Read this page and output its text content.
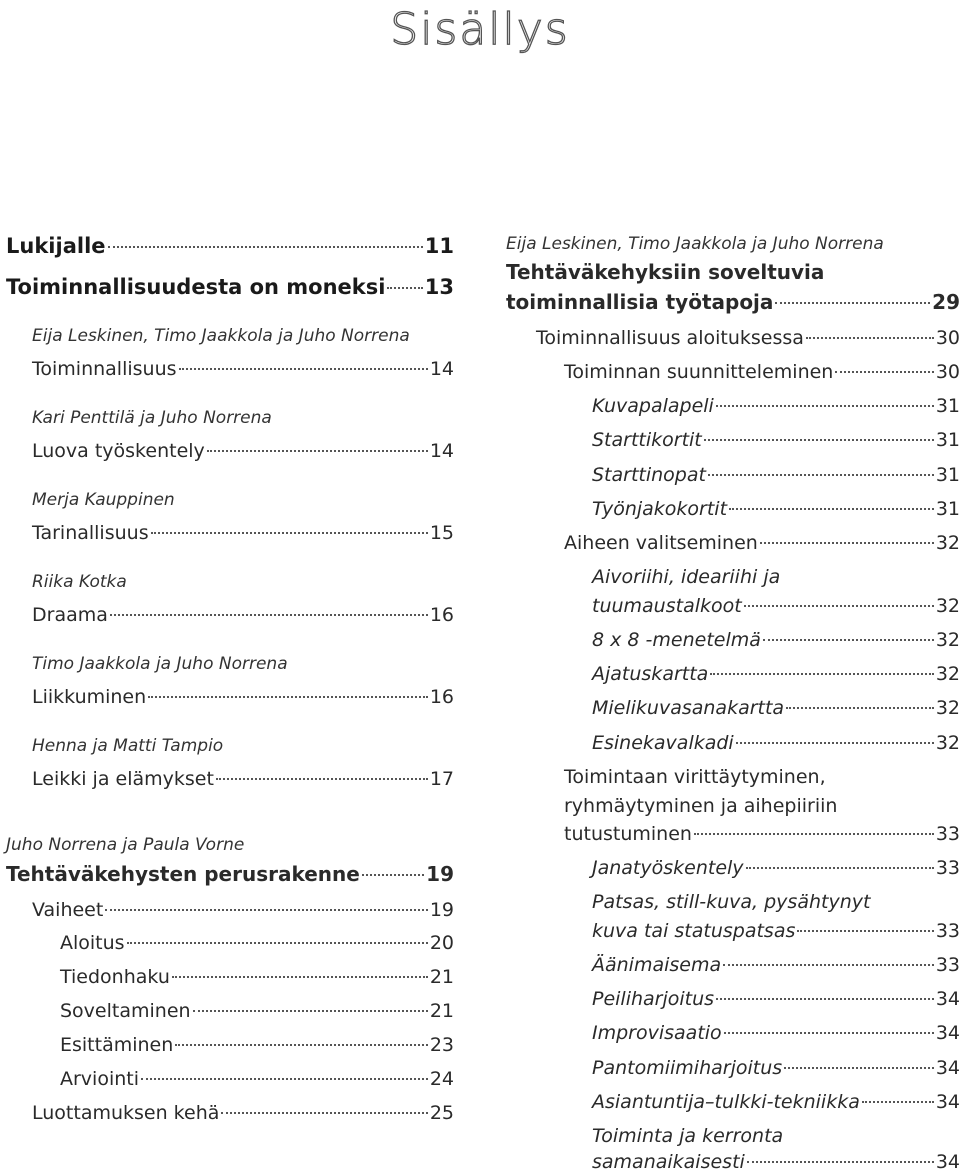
Sisällys
Lukijalle	11
Toiminnallisuudesta on moneksi 13
Eija Leskinen, Timo Jaakkola ja Juho Norrena
Toiminnallisuus	14
Kari Penttilä ja Juho Norrena
Luova työskentely	14
Merja Kauppinen
Tarinallisuus	15
Riika Kotka
Draama	16
Timo Jaakkola ja Juho Norrena
Liikkuminen	16
Henna ja Matti Tampio
Leikki ja elämykset	17
Juho Norrena ja Paula Vorne
Tehtäväkehysten perusrakenne	19
Vaiheet	19
Aloitus	20
Tiedonhaku	21
Soveltaminen	21
Esittäminen	23
Arviointi	24
Luottamuksen kehä	25
Eija Leskinen, Timo Jaakkola ja Juho Norrena
Tehtäväkehyksiin soveltuvia
toiminnallisia työtapoja	29
Toiminnallisuus aloituksessa	30
Toiminnan suunnitteleminen	30
Kuvapalapeli	31
Starttikortit	31
Starttinopat	31
Työnjakokortit	31
Aiheen valitseminen	32
Aivoriihi, ideariihi ja
tuumaustalkoot	32
8 x 8 -menetelmä	32
Ajatuskartta	32
Mielikuvasanakartta	32
Esinekavalkadi	32
Toimintaan virittäytyminen,
ryhmäytyminen ja aihepiiriin
tutustuminen	33
Janatyöskentely	33
Patsas, still-kuva, pysähtynyt
kuva tai statuspatsas	33
Äänimaisema	33
Peiliharjoitus	34
Improvisaatio	34
Pantomiimiharjoitus	34
Asiantuntija–tulkki-tekniikka	34
Toiminta ja kerronta
samanaikaisesti	34
